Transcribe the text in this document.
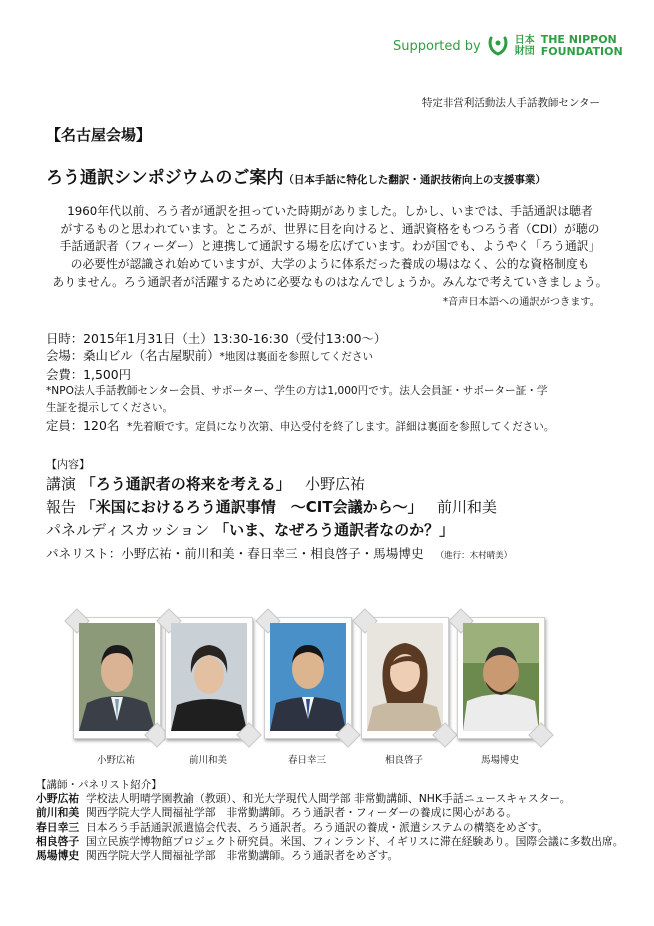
Supported by	日本
財団
THE NIPPON
FOUNDATION
特定非営利活動法人手話教師センター
【名古屋会場】
ろう通訳シンポジウムのご案内（日本手話に特化した翻訳・通訳技術向上の支援事業）
1960年代以前、ろう者が通訳を担っていた時期がありました。しかし、いまでは、手話通訳は聴者
がするものと思われています。ところが、世界に目を向けると、通訳資格をもつろう者（CDI）が聴の
手話通訳者（フィーダー）と連携して通訳する場を広げています。わが国でも、ようやく「ろう通訳」
の必要性が認識され始めていますが、大学のように体系だった養成の場はなく、公的な資格制度も
ありません。ろう通訳者が活躍するために必要なものはなんでしょうか。みんなで考えていきましょう。
*音声日本語への通訳がつきます。
日時：2015年1月31日（土）13:30-16:30（受付13:00～）
会場：桑山ビル（名古屋駅前）*地図は裏面を参照してください
会費：1,500円
*NPO法人手話教師センター会員、サポーター、学生の方は1,000円です。法人会員証・サポーター証・学
生証を提示してください。
定員：120名 *先着順です。定員になり次第、申込受付を終了します。詳細は裏面を参照してください。
【内容】
講演 「ろう通訳者の将来を考える」 小野広祐
報告 「米国におけるろう通訳事情　～CIT会議から～」 前川和美
パネルディスカッション 「いま、なぜろう通訳者なのか？」
パネリスト：小野広祐・前川和美・春日幸三・相良啓子・馬場博史 （進行：木村晴美）
小野広祐	前川和美	春日幸三	相良啓子	馬場博史
【講師・パネリスト紹介】
小野広祐 学校法人明晴学園教諭（教頭）、和光大学現代人間学部 非常勤講師、NHK手話ニュースキャスター。
前川和美 関西学院大学人間福祉学部　非常勤講師。ろう通訳者・フィーダーの養成に関心がある。
春日幸三 日本ろう手話通訳派遣協会代表、ろう通訳者。ろう通訳の養成・派遣システムの構築をめざす。
相良啓子 国立民族学博物館プロジェクト研究員。米国、フィンランド、イギリスに滞在経験あり。国際会議に多数出席。
馬場博史 関西学院大学人間福祉学部　非常勤講師。ろう通訳者をめざす。
